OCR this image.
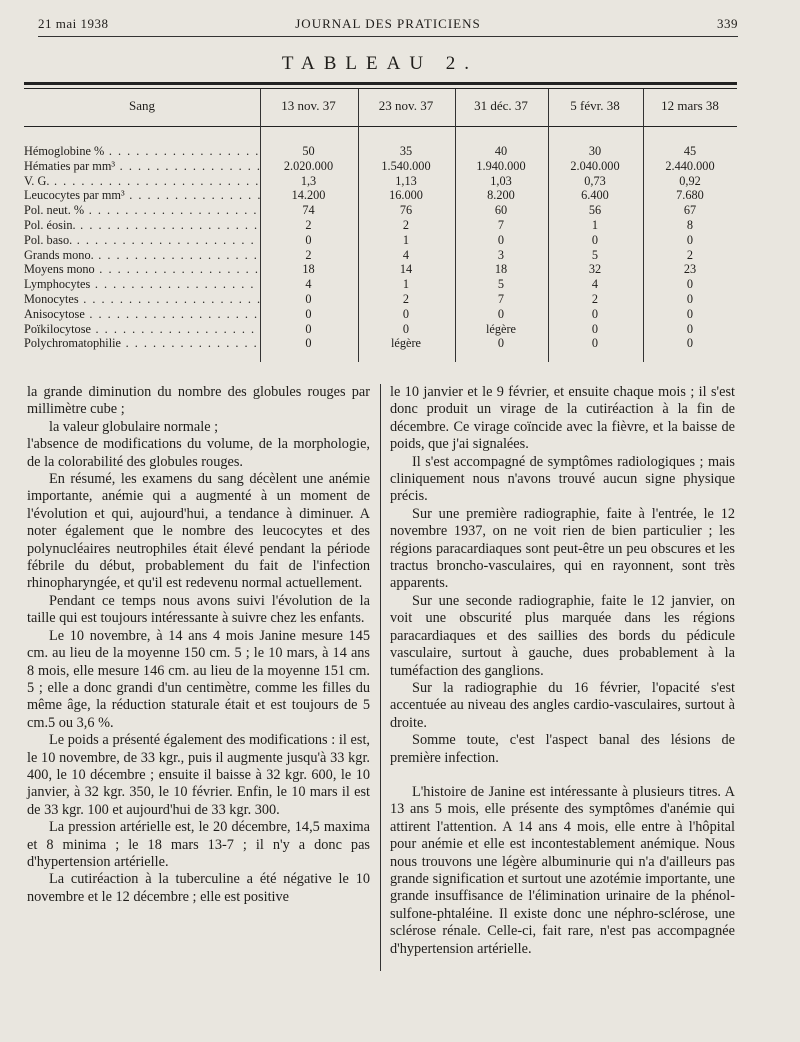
21 mai 1938	JOURNAL DES PRATICIENS	339
TABLEAU 2.
Sang	13 nov. 37	23 nov. 37	31 déc. 37	5 févr. 38	12 mars 38
Hémoglobine % . . .	50	35	40	30	45
Hématies par mm³ . . .	2.020.000	1.540.000	1.940.000	2.040.000	2.440.000
V. G. . . .	1,3	1,13	1,03	0,73	0,92
Leucocytes par mm³ . . .	14.200	16.000	8.200	6.400	7.680
Pol. neut. % . . .	74	76	60	56	67
Pol. éosin. . . .	2	2	7	1	8
Pol. baso. . . .	0	1	0	0	0
Grands mono. . . .	2	4	3	5	2
Moyens mono . . .	18	14	18	32	23
Lymphocytes . . .	4	1	5	4	0
Monocytes . . .	0	2	7	2	0
Anisocytose . . .	0	0	0	0	0
Poïkilocytose . . .	0	0	légère	0	0
Polychromatophilie . . .	0	légère	0	0	0

la grande diminution du nombre des globules rouges par millimètre cube ;

la valeur globulaire normale ;

l'absence de modifications du volume, de la morphologie, de la colorabilité des globules rouges.

En résumé, les examens du sang décèlent une anémie importante, anémie qui a augmenté à un moment de l'évolution et qui, aujourd'hui, a tendance à diminuer. A noter également que le nombre des leucocytes et des polynucléaires neutrophiles était élevé pendant la période fébrile du début, probablement du fait de l'infection rhinopharyngée, et qu'il est redevenu normal actuellement.

Pendant ce temps nous avons suivi l'évolution de la taille qui est toujours intéressante à suivre chez les enfants.

Le 10 novembre, à 14 ans 4 mois Janine mesure 145 cm. au lieu de la moyenne 150 cm. 5 ; le 10 mars, à 14 ans 8 mois, elle mesure 146 cm. au lieu de la moyenne 151 cm. 5 ; elle a donc grandi d'un centimètre, comme les filles du même âge, la réduction staturale était et est toujours de 5 cm.5 ou 3,6 %.

Le poids a présenté également des modifications : il est, le 10 novembre, de 33 kgr., puis il augmente jusqu'à 33 kgr. 400, le 10 décembre ; ensuite il baisse à 32 kgr. 600, le 10 janvier, à 32 kgr. 350, le 10 février. Enfin, le 10 mars il est de 33 kgr. 100 et aujourd'hui de 33 kgr. 300.

La pression artérielle est, le 20 décembre, 14,5 maxima et 8 minima ; le 18 mars 13-7 ; il n'y a donc pas d'hypertension artérielle.

La cutiréaction à la tuberculine a été négative le 10 novembre et le 12 décembre ; elle est positive

le 10 janvier et le 9 février, et ensuite chaque mois ; il s'est donc produit un virage de la cutiréaction à la fin de décembre. Ce virage coïncide avec la fièvre, et la baisse de poids, que j'ai signalées.

Il s'est accompagné de symptômes radiologiques ; mais cliniquement nous n'avons trouvé aucun signe physique précis.

Sur une première radiographie, faite à l'entrée, le 12 novembre 1937, on ne voit rien de bien particulier ; les régions paracardiaques sont peut-être un peu obscures et les tractus broncho-vasculaires, qui en rayonnent, sont très apparents.

Sur une seconde radiographie, faite le 12 janvier, on voit une obscurité plus marquée dans les régions paracardiaques et des saillies des bords du pédicule vasculaire, surtout à gauche, dues probablement à la tuméfaction des ganglions.

Sur la radiographie du 16 février, l'opacité s'est accentuée au niveau des angles cardio-vasculaires, surtout à droite.

Somme toute, c'est l'aspect banal des lésions de première infection.

L'histoire de Janine est intéressante à plusieurs titres. A 13 ans 5 mois, elle présente des symptômes d'anémie qui attirent l'attention. A 14 ans 4 mois, elle entre à l'hôpital pour anémie et elle est incontestablement anémique. Nous nous trouvons une légère albuminurie qui n'a d'ailleurs pas grande signification et surtout une azotémie importante, une grande insuffisance de l'élimination urinaire de la phénol-sulfone-phtaléine. Il existe donc une néphro-sclérose, une sclérose rénale. Celle-ci, fait rare, n'est pas accompagnée d'hypertension artérielle.
